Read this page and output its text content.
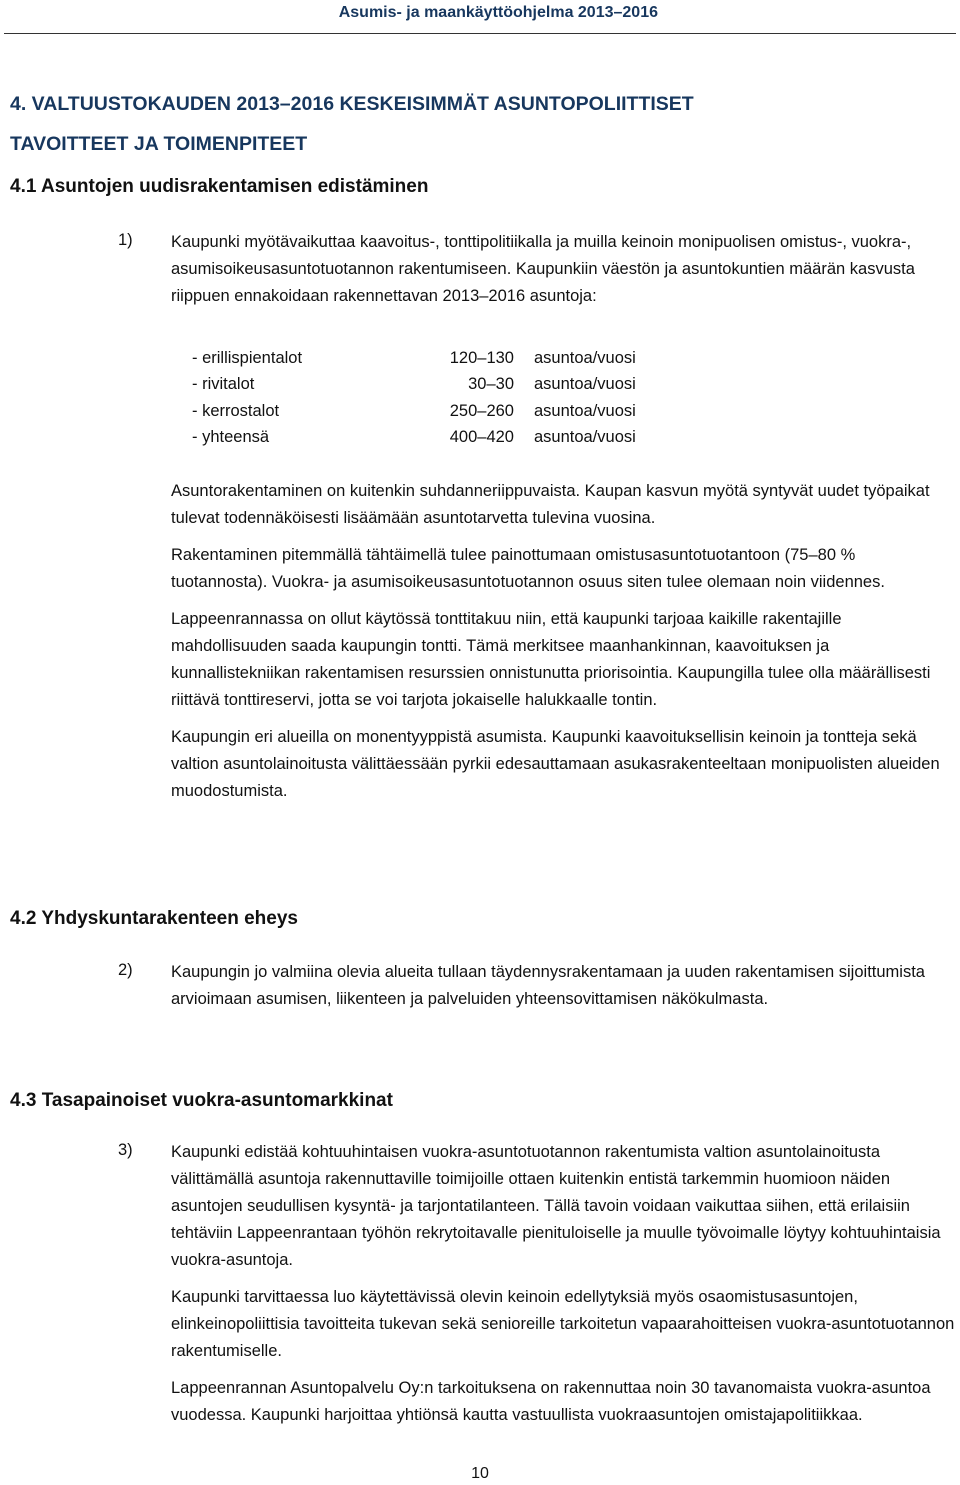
Asumis- ja maankäyttöohjelma 2013–2016
4. VALTUUSTOKAUDEN 2013–2016 KESKEISIMMÄT ASUNTOPOLIITTISET
TAVOITTEET JA TOIMENPITEET
4.1 Asuntojen uudisrakentamisen edistäminen
1) Kaupunki myötävaikuttaa kaavoitus-, tonttipolitiikalla ja muilla keinoin monipuolisen omistus-, vuokra-, asumisoikeusasuntotuotannon rakentumiseen. Kaupunkiin väestön ja asuntokuntien määrän kasvusta riippuen ennakoidaan rakennettavan 2013–2016 asuntoja:

- erillispientalot	120–130	asuntoa/vuosi
- rivitalot	30–30	asuntoa/vuosi
- kerrostalot	250–260	asuntoa/vuosi
- yhteensä	400–420	asuntoa/vuosi

Asuntorakentaminen on kuitenkin suhdanneriippuvaista. Kaupan kasvun myötä syntyvät uudet työpaikat tulevat todennäköisesti lisäämään asuntotarvetta tulevina vuosina.

Rakentaminen pitemmällä tähtäimellä tulee painottumaan omistusasuntotuotantoon (75–80 % tuotannosta). Vuokra- ja asumisoikeusasuntotuotannon osuus siten tulee olemaan noin viidennes.

Lappeenrannassa on ollut käytössä tonttitakuu niin, että kaupunki tarjoaa kaikille rakentajille mahdollisuuden saada kaupungin tontti. Tämä merkitsee maanhankinnan, kaavoituksen ja kunnallistekniikan rakentamisen resurssien onnistunutta priorisointia. Kaupungilla tulee olla määrällisesti riittävä tonttireservi, jotta se voi tarjota jokaiselle halukkaalle tontin.

Kaupungin eri alueilla on monentyyppistä asumista. Kaupunki kaavoituksellisin keinoin ja tontteja sekä valtion asuntolainoitusta välittäessään pyrkii edesauttamaan asukasrakenteeltaan monipuolisten alueiden muodostumista.

4.2 Yhdyskuntarakenteen eheys
2) Kaupungin jo valmiina olevia alueita tullaan täydennysrakentamaan ja uuden rakentamisen sijoittumista arvioimaan asumisen, liikenteen ja palveluiden yhteensovittamisen näkökulmasta.

4.3 Tasapainoiset vuokra-asuntomarkkinat
3) Kaupunki edistää kohtuuhintaisen vuokra-asuntotuotannon rakentumista valtion asuntolainoitusta välittämällä asuntoja rakennuttaville toimijoille ottaen kuitenkin entistä tarkemmin huomioon näiden asuntojen seudullisen kysyntä- ja tarjontatilanteen. Tällä tavoin voidaan vaikuttaa siihen, että erilaisiin tehtäviin Lappeenrantaan työhön rekrytoitavalle pienituloiselle ja muulle työvoimalle löytyy kohtuuhintaisia vuokra-asuntoja.

Kaupunki tarvittaessa luo käytettävissä olevin keinoin edellytyksiä myös osaomistusasuntojen, elinkeinopoliittisia tavoitteita tukevan sekä senioreille tarkoitetun vapaarahoitteisen vuokra-asuntotuotannon rakentumiselle.

Lappeenrannan Asuntopalvelu Oy:n tarkoituksena on rakennuttaa noin 30 tavanomaista vuokra-asuntoa vuodessa. Kaupunki harjoittaa yhtiönsä kautta vastuullista vuokraasuntojen omistajapolitiikkaa.

10
